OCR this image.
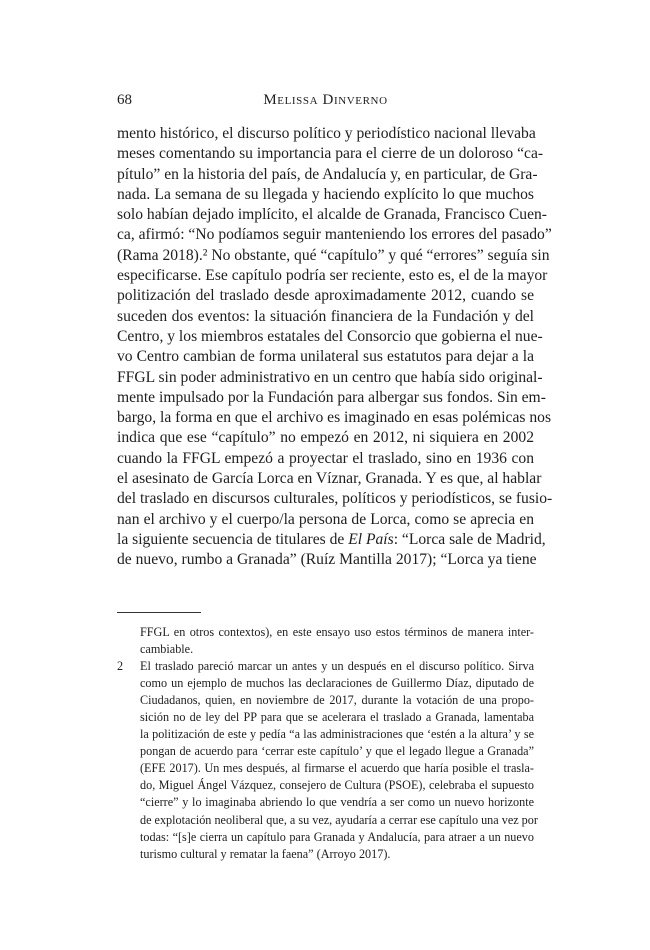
68	Melissa Dinverno
mento histórico, el discurso político y periodístico nacional llevaba
meses comentando su importancia para el cierre de un doloroso “ca-
pítulo” en la historia del país, de Andalucía y, en particular, de Gra-
nada. La semana de su llegada y haciendo explícito lo que muchos
solo habían dejado implícito, el alcalde de Granada, Francisco Cuen-
ca, afirmó: “No podíamos seguir manteniendo los errores del pasado”
(Rama 2018).² No obstante, qué “capítulo” y qué “errores” seguía sin
especificarse. Ese capítulo podría ser reciente, esto es, el de la mayor
politización del traslado desde aproximadamente 2012, cuando se
suceden dos eventos: la situación financiera de la Fundación y del
Centro, y los miembros estatales del Consorcio que gobierna el nue-
vo Centro cambian de forma unilateral sus estatutos para dejar a la
FFGL sin poder administrativo en un centro que había sido original-
mente impulsado por la Fundación para albergar sus fondos. Sin em-
bargo, la forma en que el archivo es imaginado en esas polémicas nos
indica que ese “capítulo” no empezó en 2012, ni siquiera en 2002
cuando la FFGL empezó a proyectar el traslado, sino en 1936 con
el asesinato de García Lorca en Víznar, Granada. Y es que, al hablar
del traslado en discursos culturales, políticos y periodísticos, se fusio-
nan el archivo y el cuerpo/la persona de Lorca, como se aprecia en
la siguiente secuencia de titulares de El País: “Lorca sale de Madrid,
de nuevo, rumbo a Granada” (Ruíz Mantilla 2017); “Lorca ya tiene
FFGL en otros contextos), en este ensayo uso estos términos de manera inter-
cambiable.
2	El traslado pareció marcar un antes y un después en el discurso político. Sirva
como un ejemplo de muchos las declaraciones de Guillermo Díaz, diputado de
Ciudadanos, quien, en noviembre de 2017, durante la votación de una propo-
sición no de ley del PP para que se acelerara el traslado a Granada, lamentaba
la politización de este y pedía “a las administraciones que ‘estén a la altura’ y se
pongan de acuerdo para ‘cerrar este capítulo’ y que el legado llegue a Granada”
(EFE 2017). Un mes después, al firmarse el acuerdo que haría posible el trasla-
do, Miguel Ángel Vázquez, consejero de Cultura (PSOE), celebraba el supuesto
“cierre” y lo imaginaba abriendo lo que vendría a ser como un nuevo horizonte
de explotación neoliberal que, a su vez, ayudaría a cerrar ese capítulo una vez por
todas: “[s]e cierra un capítulo para Granada y Andalucía, para atraer a un nuevo
turismo cultural y rematar la faena” (Arroyo 2017).
